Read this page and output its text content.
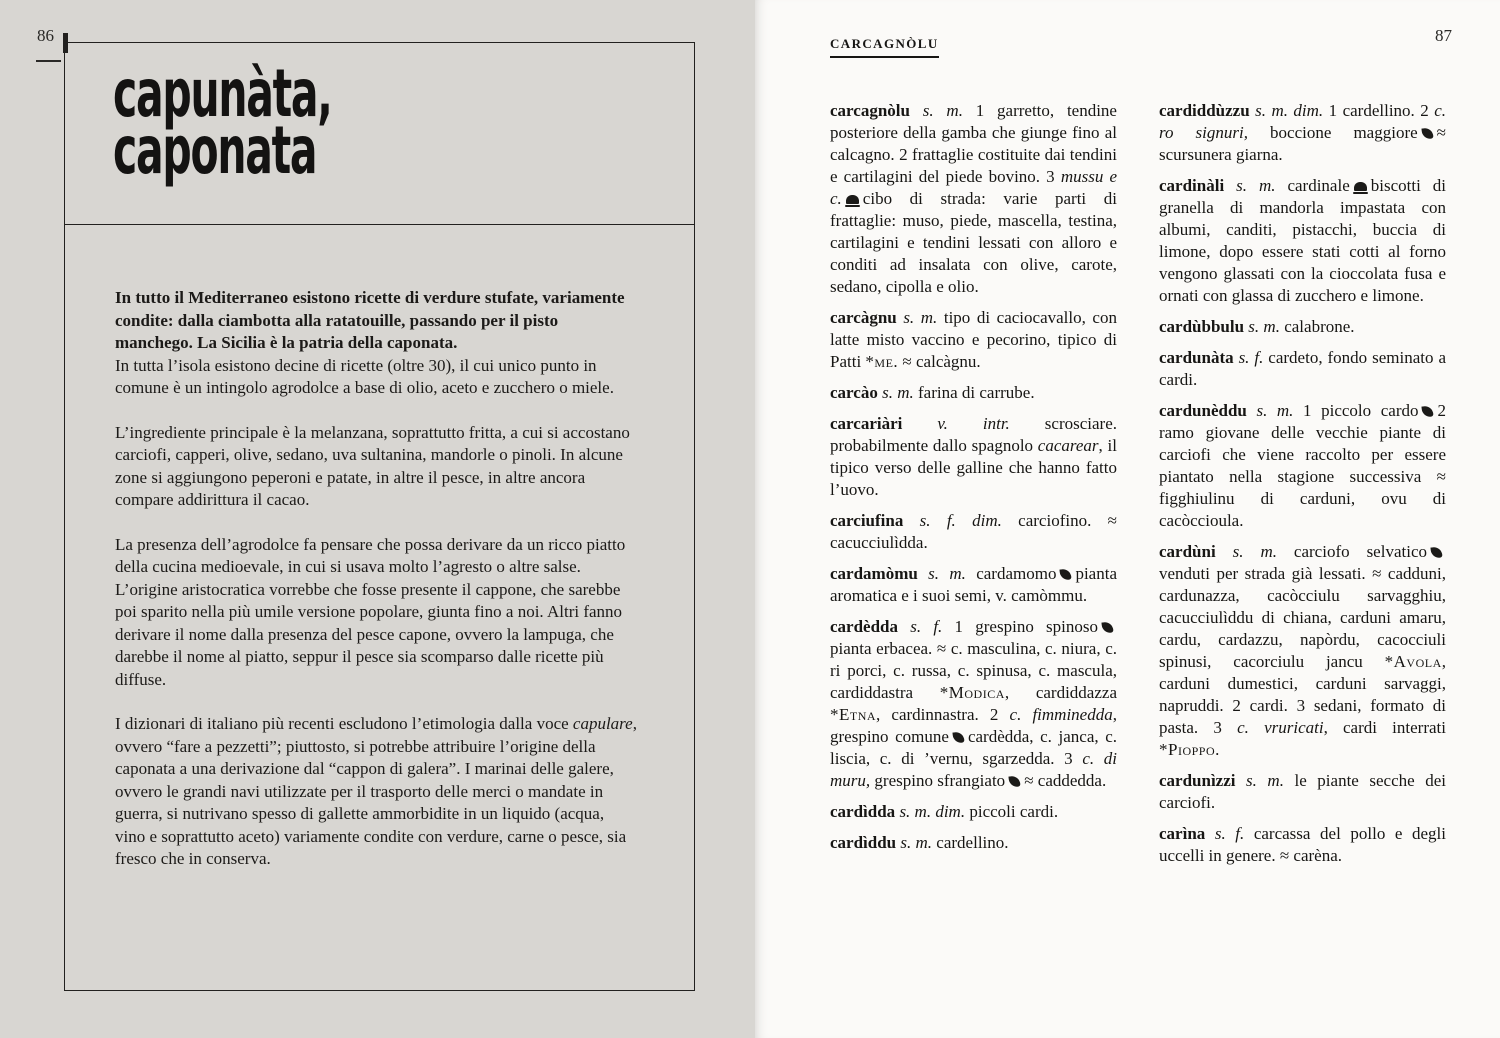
86
capunàta,
caponata

In tutto il Mediterraneo esistono ricette di verdure stufate, variamente condite: dalla ciambotta alla ratatouille, passando per il pisto manchego. La Sicilia è la patria della caponata.

In tutta l’isola esistono decine di ricette (oltre 30), il cui unico punto in comune è un intingolo agrodolce a base di olio, aceto e zucchero o miele.

L’ingrediente principale è la melanzana, soprattutto fritta, a cui si accostano carciofi, capperi, olive, sedano, uva sultanina, mandorle o pinoli. In alcune zone si aggiungono peperoni e patate, in altre il pesce, in altre ancora compare addirittura il cacao.

La presenza dell’agrodolce fa pensare che possa derivare da un ricco piatto della cucina medioevale, in cui si usava molto l’agresto o altre salse. L’origine aristocratica vorrebbe che fosse presente il cappone, che sarebbe poi sparito nella più umile versione popolare, giunta fino a noi. Altri fanno derivare il nome dalla presenza del pesce capone, ovvero la lampuga, che darebbe il nome al piatto, seppur il pesce sia scomparso dalle ricette più diffuse.

I dizionari di italiano più recenti escludono l’etimologia dalla voce capulare, ovvero “fare a pezzetti”; piuttosto, si potrebbe attribuire l’origine della caponata a una derivazione dal “cappon di galera”. I marinai delle galere, ovvero le grandi navi utilizzate per il trasporto delle merci o mandate in guerra, si nutrivano spesso di gallette ammorbidite in un liquido (acqua, vino e soprattutto aceto) variamente condite con verdure, carne o pesce, sia fresco che in conserva.

CARCAGNÒLU	87

carcagnòlu s. m. 1 garretto, tendine posteriore della gamba che giunge fino al calcagno. 2 frattaglie costituite dai tendini e cartilagini del piede bovino. 3 mussu e c. cibo di strada: varie parti di frattaglie: muso, piede, mascella, testina, cartilagini e tendini lessati con alloro e conditi ad insalata con olive, carote, sedano, cipolla e olio.

carcàgnu s. m. tipo di caciocavallo, con latte misto vaccino e pecorino, tipico di Patti *me. ≈ calcàgnu.

carcào s. m. farina di carrube.

carcariàri v. intr. scrosciare. probabilmente dallo spagnolo cacarear, il tipico verso delle galline che hanno fatto l’uovo.

carciufina s. f. dim. carciofino. ≈ cacucciulìdda.

cardamòmu s. m. cardamomo pianta aromatica e i suoi semi, v. camòmmu.

cardèdda s. f. 1 grespino spinosopianta erbacea. ≈ c. masculina, c. niura, c. ri porci, c. russa, c. spinusa, c. mascula, cardiddastra *Modica, cardiddazza *Etna, cardinnastra. 2 c. fimminedda, grespino comune cardèdda, c. janca, c. liscia, c. di ’vernu, sgarzedda. 3 c. di muru, grespino sfrangiato ≈ caddedda.

cardìdda s. m. dim. piccoli cardi.

cardìddu s. m. cardellino.

cardiddùzzu s. m. dim. 1 cardellino. 2 c. ro signuri, boccione maggiore ≈ scursunera giarna.

cardinàli s. m. cardinale biscotti di granella di mandorla impastata con albumi, canditi, pistacchi, buccia di limone, dopo essere stati cotti al forno vengono glassati con la cioccolata fusa e ornati con glassa di zucchero e limone.

cardùbbulu s. m. calabrone.

cardunàta s. f. cardeto, fondo seminato a cardi.

cardunèddu s. m. 1 piccolo cardo 2 ramo giovane delle vecchie piante di carciofi che viene raccolto per essere piantato nella stagione successiva ≈ figghiulinu di carduni, ovu di cacòccioula.

cardùni s. m. carciofo selvaticovenduti per strada già lessati. ≈ cadduni, cardunazza, cacòcciulu sarvagghiu, cacucciulìddu di chiana, carduni amaru, cardu, cardazzu, napòrdu, cacocciuli spinusi, cacorciulu jancu *Avola, carduni dumestici, carduni sarvaggi, napruddi. 2 cardi. 3 sedani, formato di pasta. 3 c. vruricati, cardi interrati *Pioppo.

cardunìzzi s. m. le piante secche dei carciofi.

carìna s. f. carcassa del pollo e degli uccelli in genere. ≈ carèna.
